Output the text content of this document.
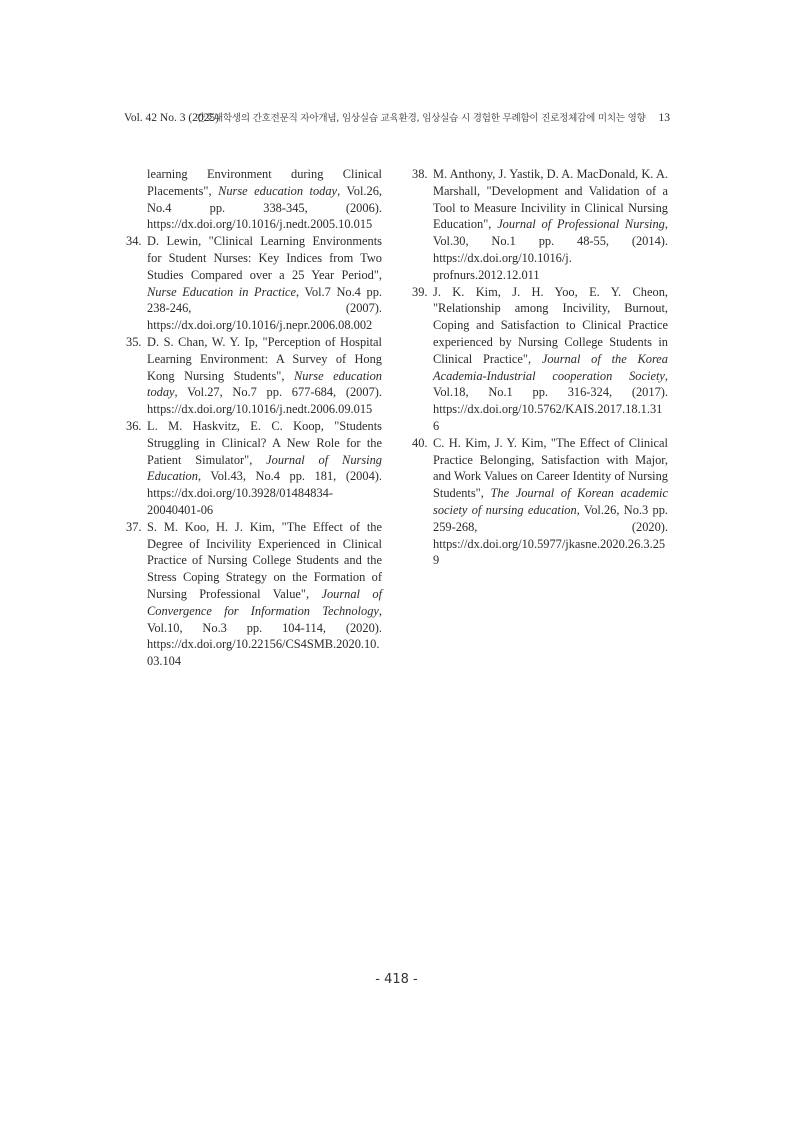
Vol. 42 No. 3 (2025)
간호대학생의 간호전문직 자아개념, 임상실습 교육환경, 임상실습 시 경험한 무례함이 진로정체감에 미치는 영향 13

learning Environment during Clinical Placements", Nurse education today, Vol.26, No.4 pp. 338-345, (2006). https://dx.doi.org/10.1016/j.nedt.2005.10.015

34. D. Lewin, "Clinical Learning Environments for Student Nurses: Key Indices from Two Studies Compared over a 25 Year Period", Nurse Education in Practice, Vol.7 No.4 pp. 238-246, (2007). https://dx.doi.org/10.1016/j.nepr.2006.08.002

35. D. S. Chan, W. Y. Ip, "Perception of Hospital Learning Environment: A Survey of Hong Kong Nursing Students", Nurse education today, Vol.27, No.7 pp. 677-684, (2007). https://dx.doi.org/10.1016/j.nedt.2006.09.015

36. L. M. Haskvitz, E. C. Koop, "Students Struggling in Clinical? A New Role for the Patient Simulator", Journal of Nursing Education, Vol.43, No.4 pp. 181, (2004). https://dx.doi.org/10.3928/01484834-20040401-06

37. S. M. Koo, H. J. Kim, "The Effect of the Degree of Incivility Experienced in Clinical Practice of Nursing College Students and the Stress Coping Strategy on the Formation of Nursing Professional Value", Journal of Convergence for Information Technology, Vol.10, No.3 pp. 104-114, (2020). https://dx.doi.org/10.22156/CS4SMB.2020.10.03.104

38. M. Anthony, J. Yastik, D. A. MacDonald, K. A. Marshall, "Development and Validation of a Tool to Measure Incivility in Clinical Nursing Education", Journal of Professional Nursing, Vol.30, No.1 pp. 48-55, (2014). https://dx.doi.org/10.1016/j. profnurs.2012.12.011

39. J. K. Kim, J. H. Yoo, E. Y. Cheon, "Relationship among Incivility, Burnout, Coping and Satisfaction to Clinical Practice experienced by Nursing College Students in Clinical Practice", Journal of the Korea Academia-Industrial cooperation Society, Vol.18, No.1 pp. 316-324, (2017). https://dx.doi.org/10.5762/KAIS.2017.18.1.316

40. C. H. Kim, J. Y. Kim, "The Effect of Clinical Practice Belonging, Satisfaction with Major, and Work Values on Career Identity of Nursing Students", The Journal of Korean academic society of nursing education, Vol.26, No.3 pp. 259-268, (2020). https://dx.doi.org/10.5977/jkasne.2020.26.3.259

- 418 -
